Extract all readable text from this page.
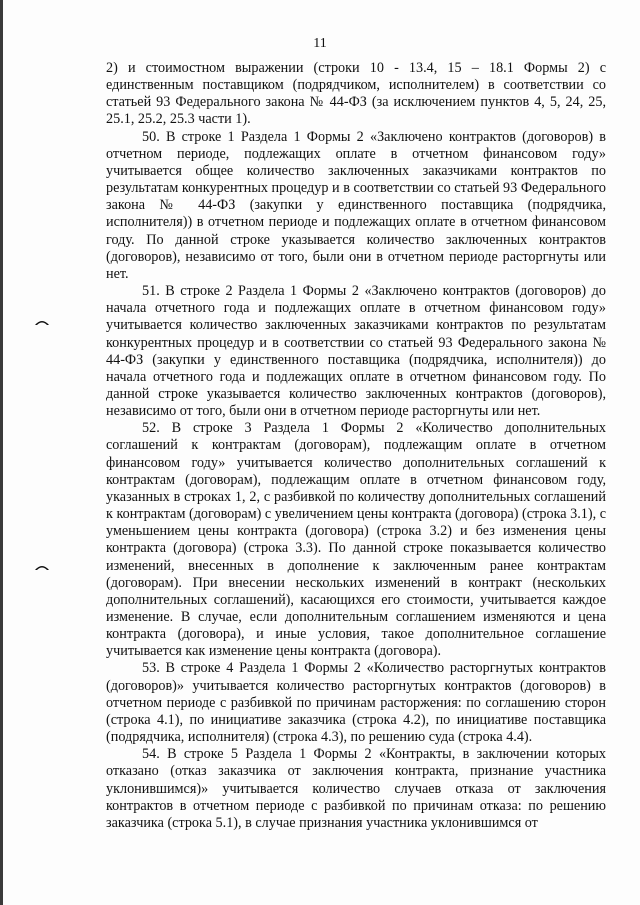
11

2) и стоимостном выражении (строки 10 - 13.4, 15 – 18.1 Формы 2) с единственным поставщиком (подрядчиком, исполнителем) в соответствии со статьей 93 Федерального закона № 44-ФЗ (за исключением пунктов 4, 5, 24, 25, 25.1, 25.2, 25.3 части 1).

50. В строке 1 Раздела 1 Формы 2 «Заключено контрактов (договоров) в отчетном периоде, подлежащих оплате в отчетном финансовом году» учитывается общее количество заключенных заказчиками контрактов по результатам конкурентных процедур и в соответствии со статьей 93 Федерального закона № 44-ФЗ (закупки у единственного поставщика (подрядчика, исполнителя)) в отчетном периоде и подлежащих оплате в отчетном финансовом году. По данной строке указывается количество заключенных контрактов (договоров), независимо от того, были они в отчетном периоде расторгнуты или нет.

51. В строке 2 Раздела 1 Формы 2 «Заключено контрактов (договоров) до начала отчетного года и подлежащих оплате в отчетном финансовом году» учитывается количество заключенных заказчиками контрактов по результатам конкурентных процедур и в соответствии со статьей 93 Федерального закона № 44-ФЗ (закупки у единственного поставщика (подрядчика, исполнителя)) до начала отчетного года и подлежащих оплате в отчетном финансовом году. По данной строке указывается количество заключенных контрактов (договоров), независимо от того, были они в отчетном периоде расторгнуты или нет.

52. В строке 3 Раздела 1 Формы 2 «Количество дополнительных соглашений к контрактам (договорам), подлежащим оплате в отчетном финансовом году» учитывается количество дополнительных соглашений к контрактам (договорам), подлежащим оплате в отчетном финансовом году, указанных в строках 1, 2, с разбивкой по количеству дополнительных соглашений к контрактам (договорам) с увеличением цены контракта (договора) (строка 3.1), с уменьшением цены контракта (договора) (строка 3.2) и без изменения цены контракта (договора) (строка 3.3). По данной строке показывается количество изменений, внесенных в дополнение к заключенным ранее контрактам (договорам). При внесении нескольких изменений в контракт (нескольких дополнительных соглашений), касающихся его стоимости, учитывается каждое изменение. В случае, если дополнительным соглашением изменяются и цена контракта (договора), и иные условия, такое дополнительное соглашение учитывается как изменение цены контракта (договора).

53. В строке 4 Раздела 1 Формы 2 «Количество расторгнутых контрактов (договоров)» учитывается количество расторгнутых контрактов (договоров) в отчетном периоде с разбивкой по причинам расторжения: по соглашению сторон (строка 4.1), по инициативе заказчика (строка 4.2), по инициативе поставщика (подрядчика, исполнителя) (строка 4.3), по решению суда (строка 4.4).

54. В строке 5 Раздела 1 Формы 2 «Контракты, в заключении которых отказано (отказ заказчика от заключения контракта, признание участника уклонившимся)» учитывается количество случаев отказа от заключения контрактов в отчетном периоде с разбивкой по причинам отказа: по решению заказчика (строка 5.1), в случае признания участника уклонившимся от
